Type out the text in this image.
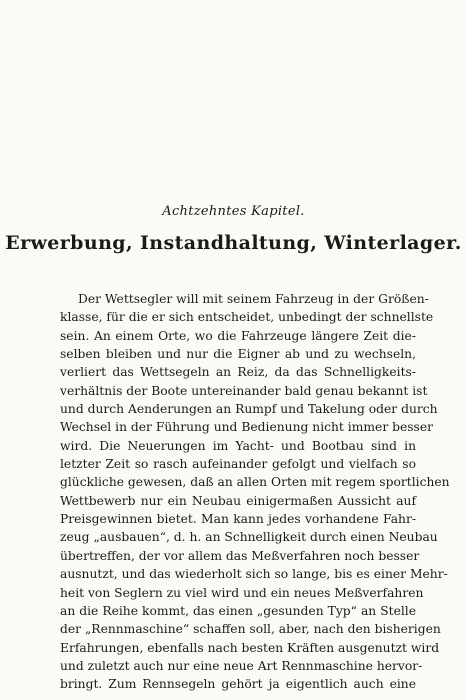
Achtzehntes Kapitel.
Erwerbung, Instandhaltung, Winterlager.
Der Wettsegler will mit seinem Fahrzeug in der Größen-
klasse, für die er sich entscheidet, unbedingt der schnellste
sein. An einem Orte, wo die Fahrzeuge längere Zeit die-
selben bleiben und nur die Eigner ab und zu wechseln,
verliert das Wettsegeln an Reiz, da das Schnelligkeits-
verhältnis der Boote untereinander bald genau bekannt ist
und durch Aenderungen an Rumpf und Takelung oder durch
Wechsel in der Führung und Bedienung nicht immer besser
wird. Die Neuerungen im Yacht- und Bootbau sind in
letzter Zeit so rasch aufeinander gefolgt und vielfach so
glückliche gewesen, daß an allen Orten mit regem sportlichen
Wettbewerb nur ein Neubau einigermaßen Aussicht auf
Preisgewinnen bietet. Man kann jedes vorhandene Fahr-
zeug „ausbauen“, d. h. an Schnelligkeit durch einen Neubau
übertreffen, der vor allem das Meßverfahren noch besser
ausnutzt, und das wiederholt sich so lange, bis es einer Mehr-
heit von Seglern zu viel wird und ein neues Meßverfahren
an die Reihe kommt, das einen „gesunden Typ“ an Stelle
der „Rennmaschine“ schaffen soll, aber, nach den bisherigen
Erfahrungen, ebenfalls nach besten Kräften ausgenutzt wird
und zuletzt auch nur eine neue Art Rennmaschine hervor-
bringt. Zum Rennsegeln gehört ja eigentlich auch eine
